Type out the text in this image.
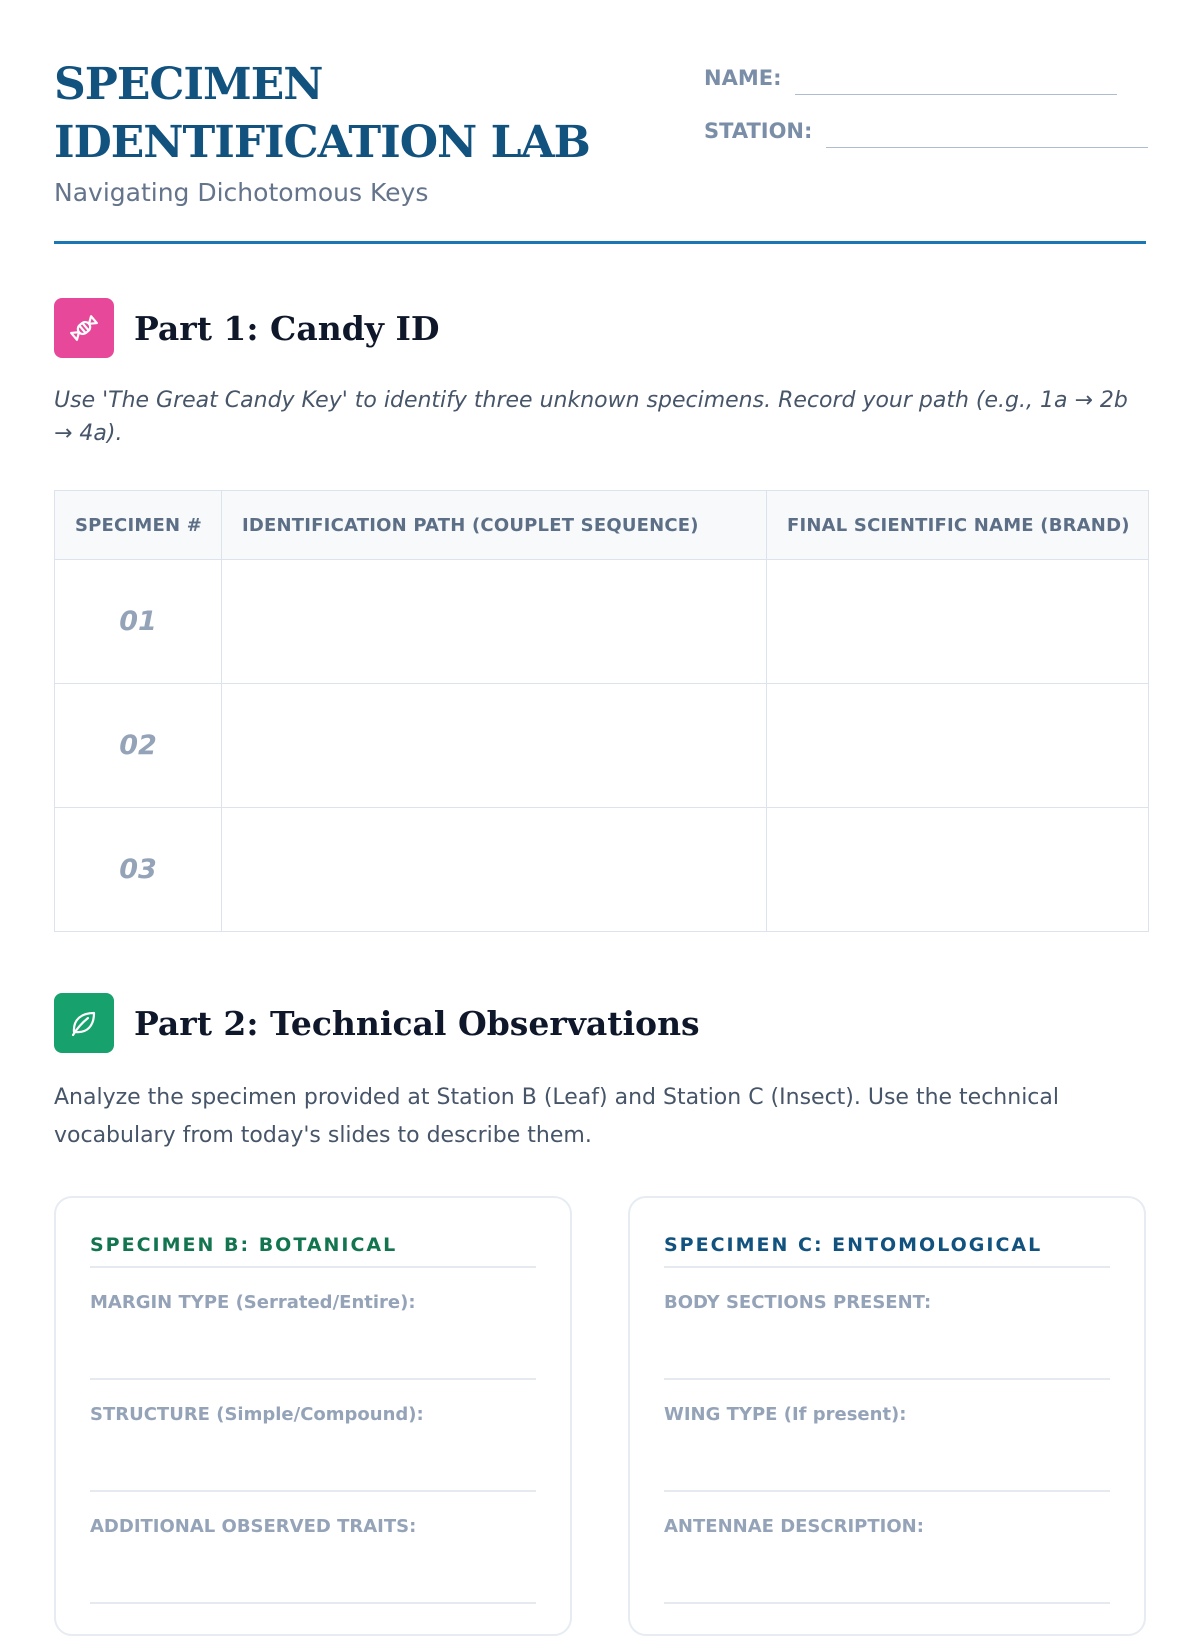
SPECIMEN IDENTIFICATION LAB
Navigating Dichotomous Keys
NAME:
STATION:
Part 1: Candy ID
Use 'The Great Candy Key' to identify three unknown specimens. Record your path (e.g., 1a → 2b → 4a).
SPECIMEN #	IDENTIFICATION PATH (COUPLET SEQUENCE)	FINAL SCIENTIFIC NAME (BRAND)
01		
02		
03		
Part 2: Technical Observations
Analyze the specimen provided at Station B (Leaf) and Station C (Insect). Use the technical vocabulary from today's slides to describe them.
SPECIMEN B: BOTANICAL
MARGIN TYPE (Serrated/Entire):
STRUCTURE (Simple/Compound):
ADDITIONAL OBSERVED TRAITS:
SPECIMEN C: ENTOMOLOGICAL
BODY SECTIONS PRESENT:
WING TYPE (If present):
ANTENNAE DESCRIPTION:
